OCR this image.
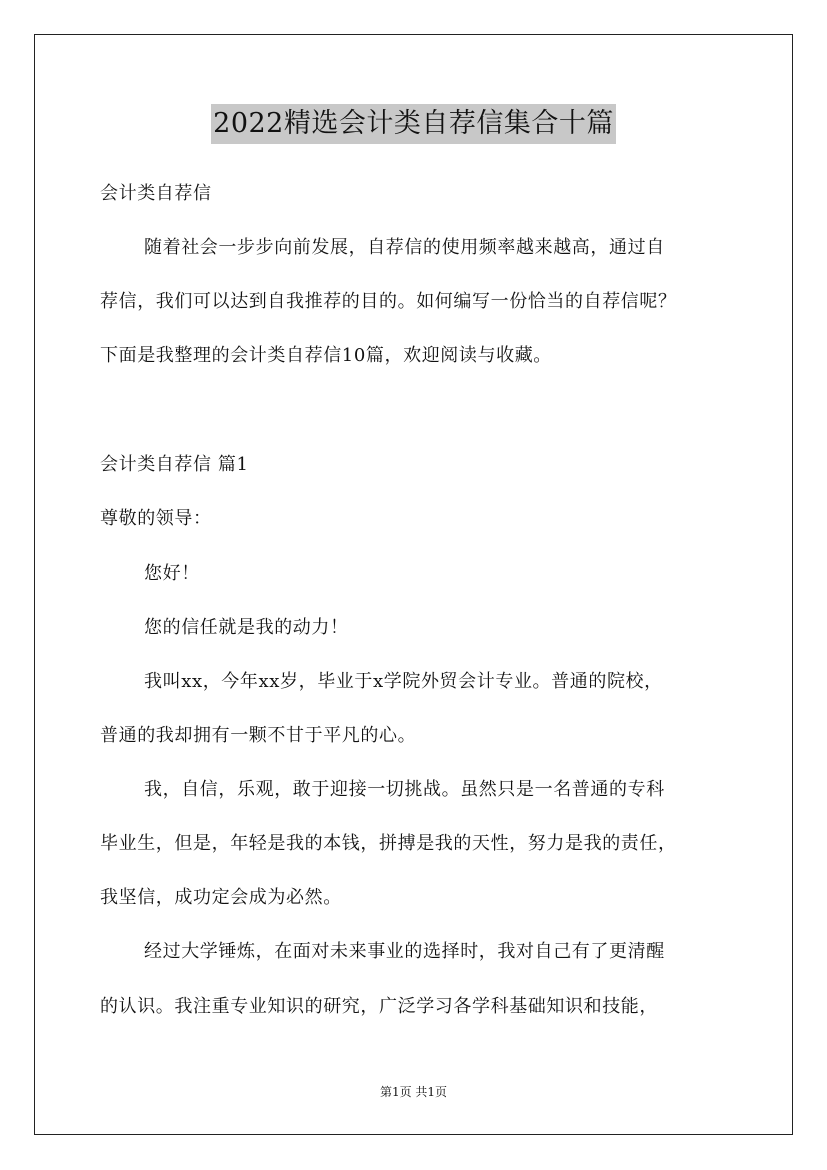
2022精选会计类自荐信集合十篇
会计类自荐信
随着社会一步步向前发展，自荐信的使用频率越来越高，通过自
荐信，我们可以达到自我推荐的目的。如何编写一份恰当的自荐信呢？
下面是我整理的会计类自荐信10篇，欢迎阅读与收藏。
会计类自荐信 篇1
尊敬的领导：
您好！
您的信任就是我的动力！
我叫xx，今年xx岁，毕业于x学院外贸会计专业。普通的院校，
普通的我却拥有一颗不甘于平凡的心。
我，自信，乐观，敢于迎接一切挑战。虽然只是一名普通的专科
毕业生，但是，年轻是我的本钱，拼搏是我的天性，努力是我的责任，
我坚信，成功定会成为必然。
经过大学锤炼，在面对未来事业的选择时，我对自己有了更清醒
的认识。我注重专业知识的研究，广泛学习各学科基础知识和技能，
第1页 共1页
